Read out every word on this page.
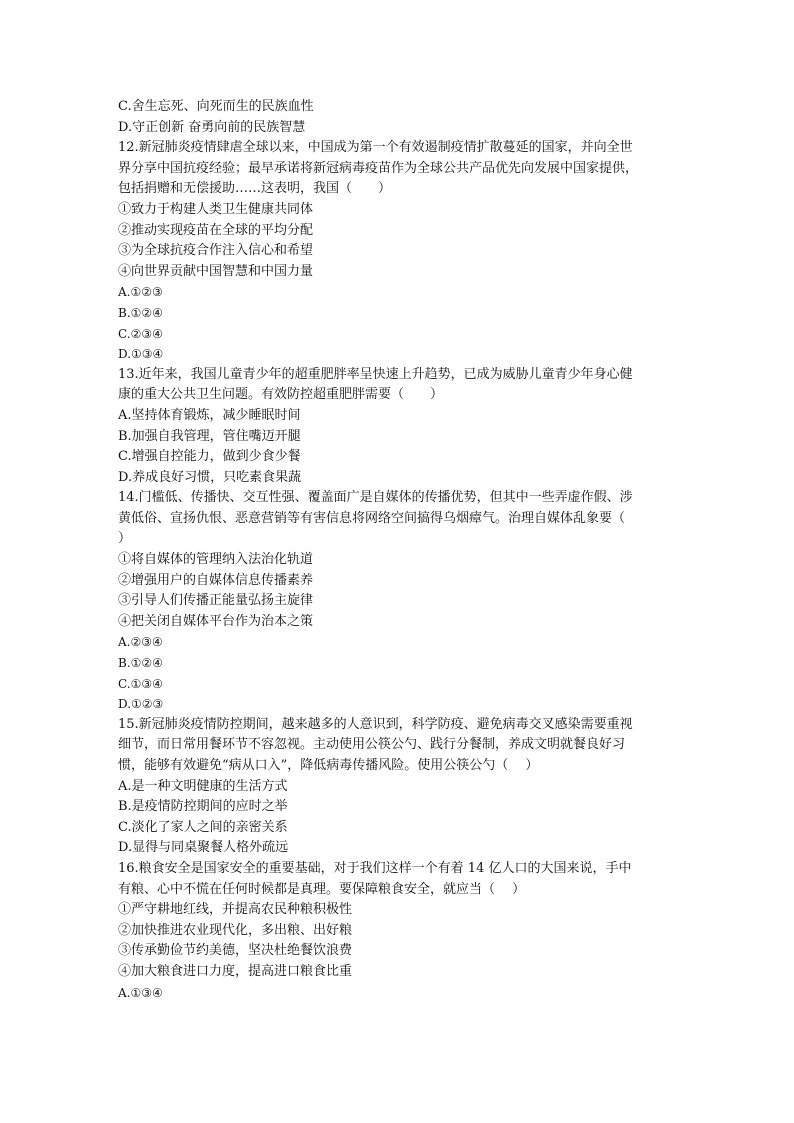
C.舍生忘死、向死而生的民族血性
D.守正创新 奋勇向前的民族智慧
12.新冠肺炎疫情肆虐全球以来，中国成为第一个有效遏制疫情扩散蔓延的国家，并向全世
界分享中国抗疫经验；最早承诺将新冠病毒疫苗作为全球公共产品优先向发展中国家提供，
包括捐赠和无偿援助……这表明，我国（　　）
①致力于构建人类卫生健康共同体
②推动实现疫苗在全球的平均分配
③为全球抗疫合作注入信心和希望
④向世界贡献中国智慧和中国力量
A.①②③
B.①②④
C.②③④
D.①③④
13.近年来，我国儿童青少年的超重肥胖率呈快速上升趋势，已成为威胁儿童青少年身心健
康的重大公共卫生问题。有效防控超重肥胖需要（　　）
A.坚持体育锻炼，减少睡眠时间
B.加强自我管理，管住嘴迈开腿
C.增强自控能力，做到少食少餐
D.养成良好习惯，只吃素食果蔬
14.门槛低、传播快、交互性强、覆盖面广是自媒体的传播优势，但其中一些弄虚作假、涉
黄低俗、宣扬仇恨、恶意营销等有害信息将网络空间搞得乌烟瘴气。治理自媒体乱象要（
）
①将自媒体的管理纳入法治化轨道
②增强用户的自媒体信息传播素养
③引导人们传播正能量弘扬主旋律
④把关闭自媒体平台作为治本之策
A.②③④
B.①②④
C.①③④
D.①②③
15.新冠肺炎疫情防控期间，越来越多的人意识到，科学防疫、避免病毒交叉感染需要重视
细节，而日常用餐环节不容忽视。主动使用公筷公勺、践行分餐制，养成文明就餐良好习
惯，能够有效避免“病从口入”，降低病毒传播风险。使用公筷公勺（　 ）
A.是一种文明健康的生活方式
B.是疫情防控期间的应时之举
C.淡化了家人之间的亲密关系
D.显得与同桌聚餐人格外疏远
16.粮食安全是国家安全的重要基础，对于我们这样一个有着 14 亿人口的大国来说，手中
有粮、心中不慌在任何时候都是真理。要保障粮食安全，就应当（　 ）
①严守耕地红线，并提高农民种粮积极性
②加快推进农业现代化，多出粮、出好粮
③传承勤俭节约美德，坚决杜绝餐饮浪费
④加大粮食进口力度，提高进口粮食比重
A.①③④
